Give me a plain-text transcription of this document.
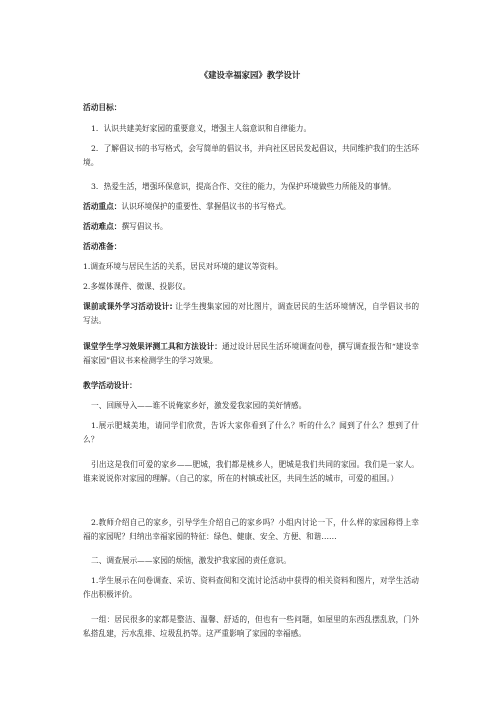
《建设幸福家园》教学设计
活动目标：
1．认识共建美好家园的重要意义，增强主人翁意识和自律能力。
2．了解倡议书的书写格式，会写简单的倡议书，并向社区居民发起倡议，共同维护我们的生活环境。
3．热爱生活，增强环保意识，提高合作、交往的能力，为保护环境做些力所能及的事情。
活动重点：认识环境保护的重要性、掌握倡议书的书写格式。
活动难点：撰写倡议书。
活动准备：
1.调查环境与居民生活的关系，居民对环境的建议等资料。
2.多媒体课件、微课、投影仪。
课前或课外学习活动设计: 让学生搜集家园的对比图片，调查居民的生活环境情况，自学倡议书的写法。
课堂学生学习效果评测工具和方法设计：通过设计居民生活环境调查问卷，撰写调查报告和“建设幸福家园”倡议书来检测学生的学习效果。
教学活动设计：
一、回顾导入——谁不说俺家乡好，激发爱我家园的美好情感。
1.展示肥城美地，请同学们欣赏，告诉大家你看到了什么？听的什么？闻到了什么？想到了什么？
引出这是我们可爱的家乡——肥城，我们都是桃乡人，肥城是我们共同的家园。我们是一家人。谁来说说你对家园的理解。（自己的家，所在的村镇或社区，共同生活的城市，可爱的祖国。）
2.教师介绍自己的家乡，引导学生介绍自己的家乡吗？小组内讨论一下，什么样的家园称得上幸福的家园呢？归纳出幸福家园的特征：绿色、健康、安全、方便、和谐……
二、调查展示——家园的烦恼，激发护我家园的责任意识。
1.学生展示在问卷调查、采访、资料查阅和交流讨论活动中获得的相关资料和图片，对学生活动作出积极评价。
一组：居民很多的家都是整洁、温馨、舒适的，但也有一些问题，如屋里的东西乱摆乱放，门外私搭乱建，污水乱排、垃圾乱扔等。这严重影响了家园的幸福感。
